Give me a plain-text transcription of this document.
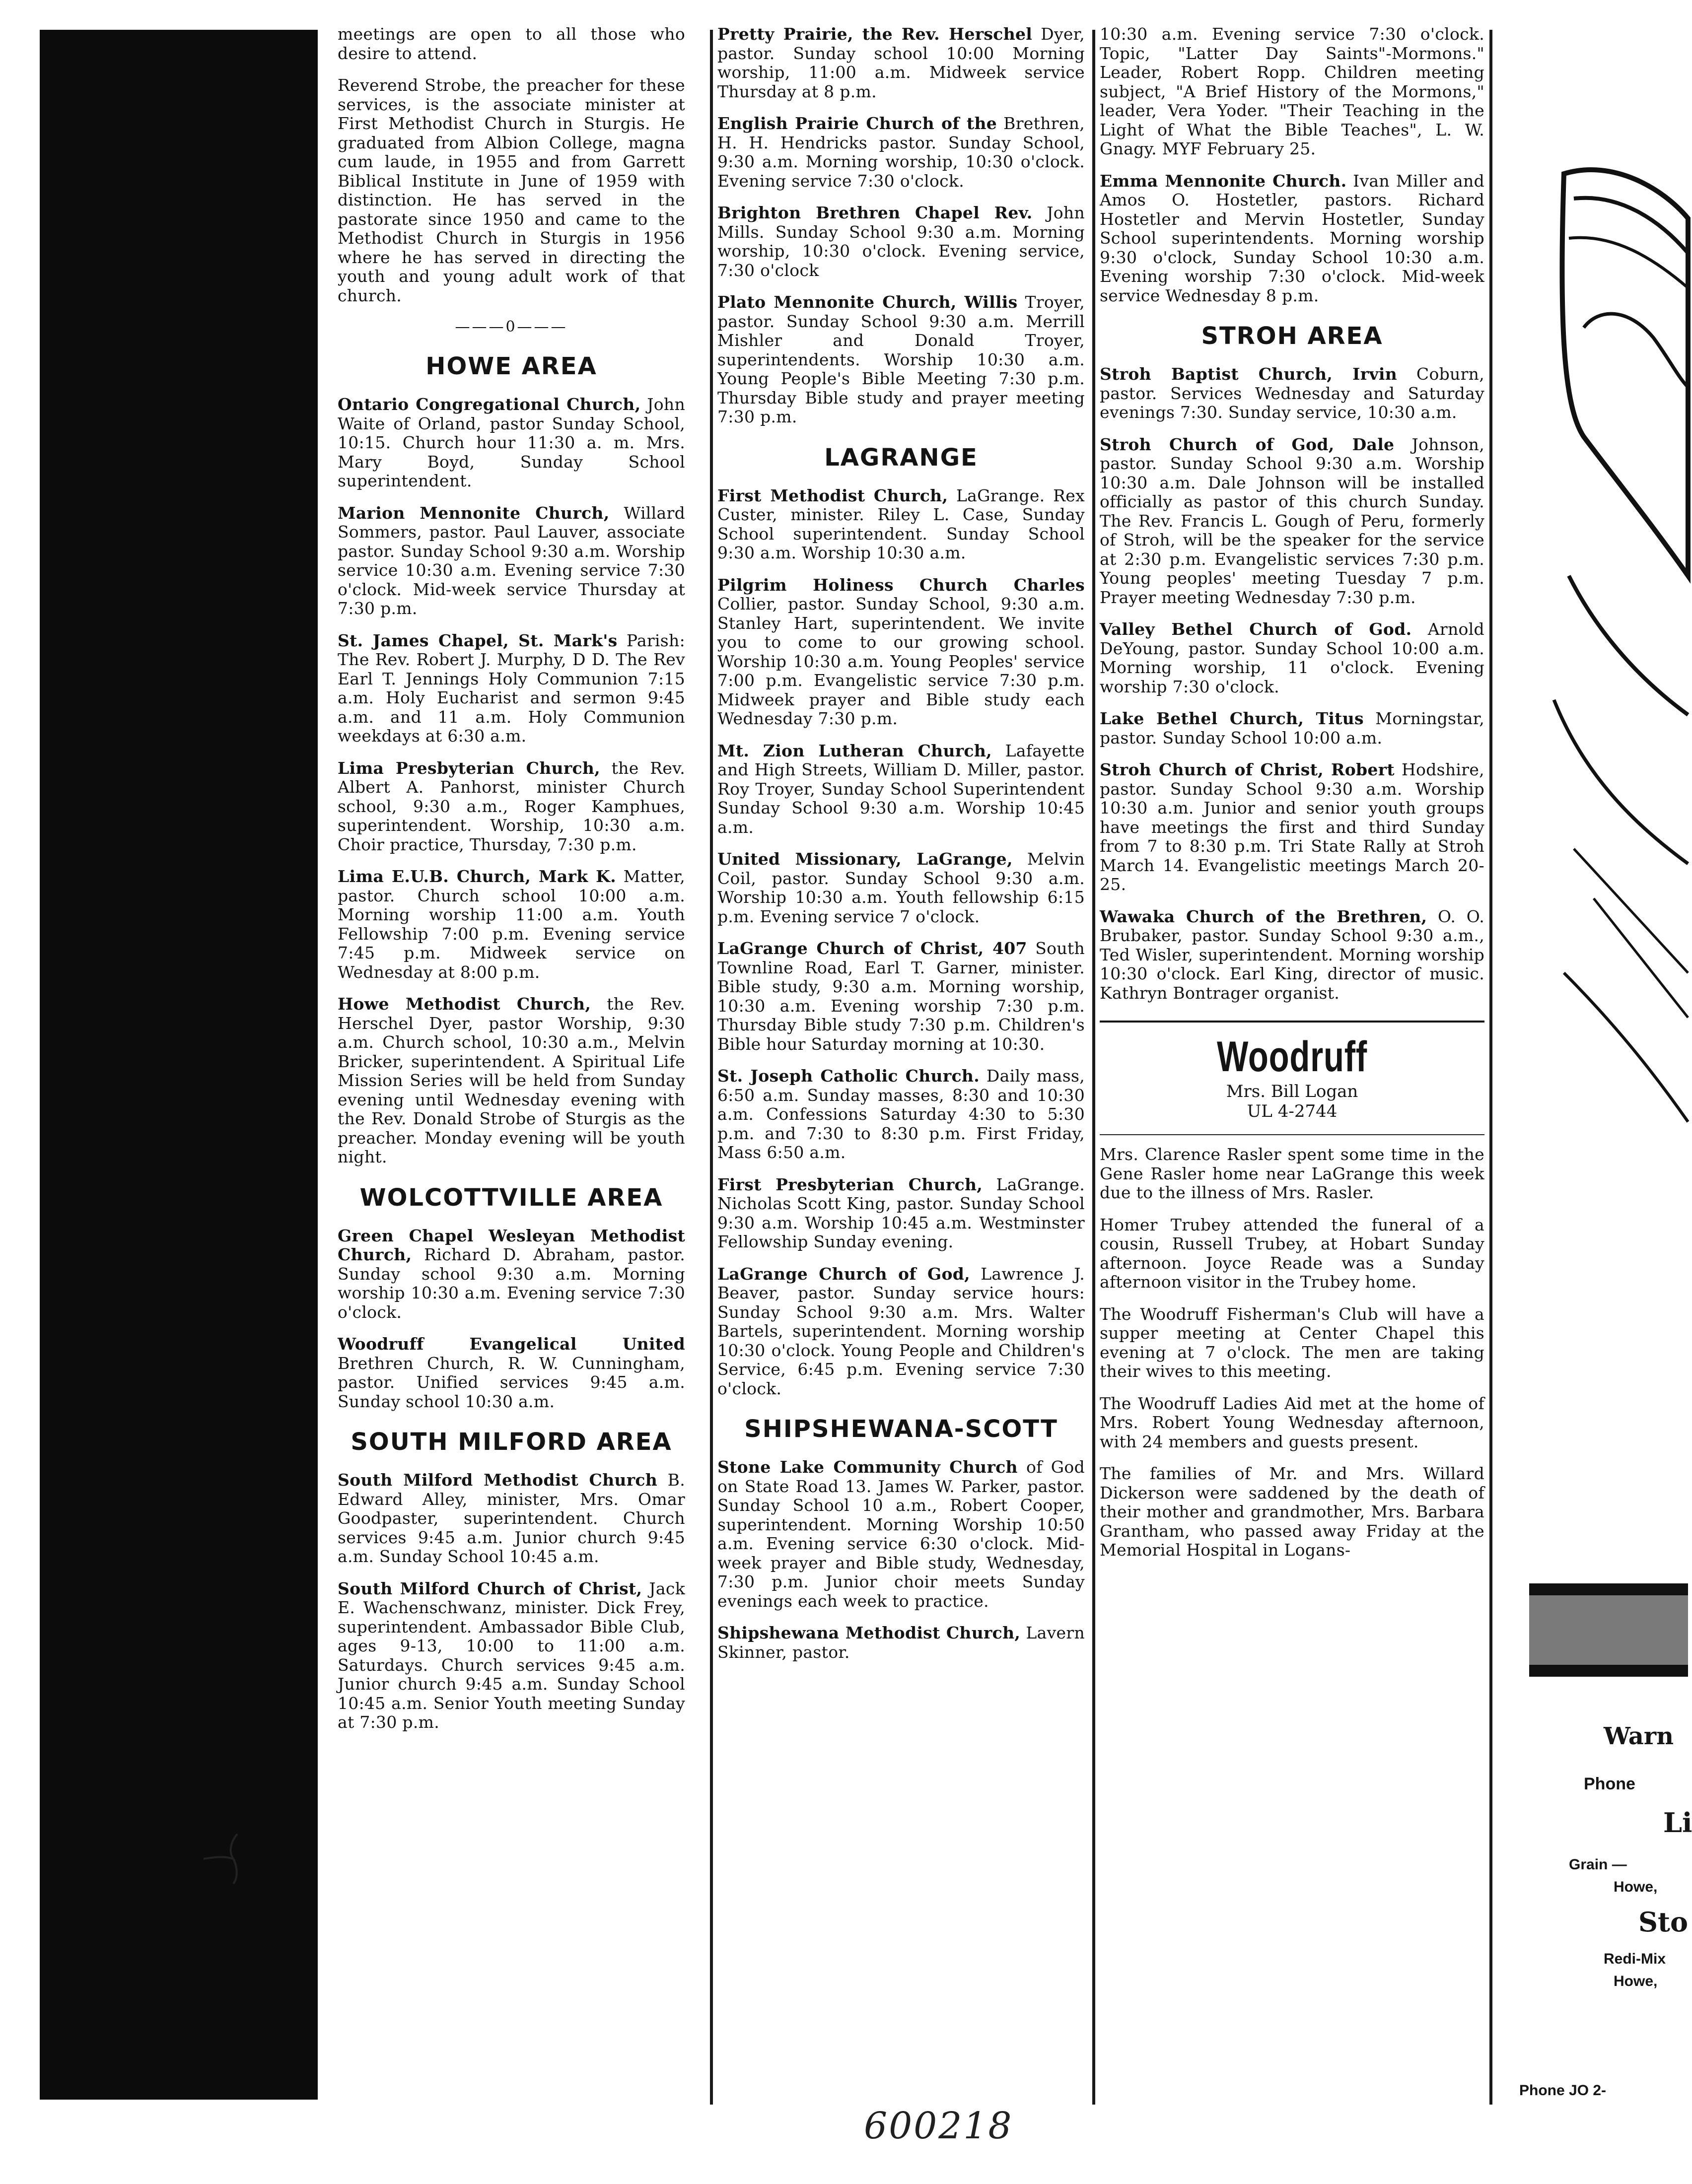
meetings are open to all those who desire to attend.

Reverend Strobe, the preacher for these services, is the associate minister at First Methodist Church in Sturgis. He graduated from Albion College, magna cum laude, in 1955 and from Garrett Biblical Institute in June of 1959 with distinction. He has served in the pastorate since 1950 and came to the Methodist Church in Sturgis in 1956 where he has served in directing the youth and young adult work of that church.

———0———
HOWE AREA

Ontario Congregational Church, John Waite of Orland, pastor Sunday School, 10:15. Church hour 11:30 a. m. Mrs. Mary Boyd, Sunday School superintendent.

Marion Mennonite Church, Willard Sommers, pastor. Paul Lauver, associate pastor. Sunday School 9:30 a.m. Worship service 10:30 a.m. Evening service 7:30 o'clock. Mid-week service Thursday at 7:30 p.m.

St. James Chapel, St. Mark's Parish: The Rev. Robert J. Murphy, D D. The Rev Earl T. Jennings Holy Communion 7:15 a.m. Holy Eucharist and sermon 9:45 a.m. and 11 a.m. Holy Communion weekdays at 6:30 a.m.

Lima Presbyterian Church, the Rev. Albert A. Panhorst, minister Church school, 9:30 a.m., Roger Kamphues, superintendent. Worship, 10:30 a.m. Choir practice, Thursday, 7:30 p.m.

Lima E.U.B. Church, Mark K. Matter, pastor. Church school 10:00 a.m. Morning worship 11:00 a.m. Youth Fellowship 7:00 p.m. Evening service 7:45 p.m. Midweek service on Wednesday at 8:00 p.m.

Howe Methodist Church, the Rev. Herschel Dyer, pastor Worship, 9:30 a.m. Church school, 10:30 a.m., Melvin Bricker, superintendent. A Spiritual Life Mission Series will be held from Sunday evening until Wednesday evening with the Rev. Donald Strobe of Sturgis as the preacher. Monday evening will be youth night.

WOLCOTTVILLE AREA

Green Chapel Wesleyan Methodist Church, Richard D. Abraham, pastor. Sunday school 9:30 a.m. Morning worship 10:30 a.m. Evening service 7:30 o'clock.

Woodruff Evangelical United Brethren Church, R. W. Cunningham, pastor. Unified services 9:45 a.m. Sunday school 10:30 a.m.

SOUTH MILFORD AREA

South Milford Methodist Church B. Edward Alley, minister, Mrs. Omar Goodpaster, superintendent. Church services 9:45 a.m. Junior church 9:45 a.m. Sunday School 10:45 a.m.

South Milford Church of Christ, Jack E. Wachenschwanz, minister. Dick Frey, superintendent. Ambassador Bible Club, ages 9-13, 10:00 to 11:00 a.m. Saturdays. Church services 9:45 a.m. Junior church 9:45 a.m. Sunday School 10:45 a.m. Senior Youth meeting Sunday at 7:30 p.m.

Pretty Prairie, the Rev. Herschel Dyer, pastor. Sunday school 10:00 Morning worship, 11:00 a.m. Midweek service Thursday at 8 p.m.

English Prairie Church of the Brethren, H. H. Hendricks pastor. Sunday School, 9:30 a.m. Morning worship, 10:30 o'clock. Evening service 7:30 o'clock.

Brighton Brethren Chapel Rev. John Mills. Sunday School 9:30 a.m. Morning worship, 10:30 o'clock. Evening service, 7:30 o'clock

Plato Mennonite Church, Willis Troyer, pastor. Sunday School 9:30 a.m. Merrill Mishler and Donald Troyer, superintendents. Worship 10:30 a.m. Young People's Bible Meeting 7:30 p.m. Thursday Bible study and prayer meeting 7:30 p.m.

LAGRANGE

First Methodist Church, LaGrange. Rex Custer, minister. Riley L. Case, Sunday School superintendent. Sunday School 9:30 a.m. Worship 10:30 a.m.

Pilgrim Holiness Church Charles Collier, pastor. Sunday School, 9:30 a.m. Stanley Hart, superintendent. We invite you to come to our growing school. Worship 10:30 a.m. Young Peoples' service 7:00 p.m. Evangelistic service 7:30 p.m. Midweek prayer and Bible study each Wednesday 7:30 p.m.

Mt. Zion Lutheran Church, Lafayette and High Streets, William D. Miller, pastor. Roy Troyer, Sunday School Superintendent Sunday School 9:30 a.m. Worship 10:45 a.m.

United Missionary, LaGrange, Melvin Coil, pastor. Sunday School 9:30 a.m. Worship 10:30 a.m. Youth fellowship 6:15 p.m. Evening service 7 o'clock.

LaGrange Church of Christ, 407 South Townline Road, Earl T. Garner, minister. Bible study, 9:30 a.m. Morning worship, 10:30 a.m. Evening worship 7:30 p.m. Thursday Bible study 7:30 p.m. Children's Bible hour Saturday morning at 10:30.

St. Joseph Catholic Church. Daily mass, 6:50 a.m. Sunday masses, 8:30 and 10:30 a.m. Confessions Saturday 4:30 to 5:30 p.m. and 7:30 to 8:30 p.m. First Friday, Mass 6:50 a.m.

First Presbyterian Church, LaGrange. Nicholas Scott King, pastor. Sunday School 9:30 a.m. Worship 10:45 a.m. Westminster Fellowship Sunday evening.

LaGrange Church of God, Lawrence J. Beaver, pastor. Sunday service hours: Sunday School 9:30 a.m. Mrs. Walter Bartels, superintendent. Morning worship 10:30 o'clock. Young People and Children's Service, 6:45 p.m. Evening service 7:30 o'clock.

SHIPSHEWANA-SCOTT

Stone Lake Community Church of God on State Road 13. James W. Parker, pastor. Sunday School 10 a.m., Robert Cooper, superintendent. Morning Worship 10:50 a.m. Evening service 6:30 o'clock. Mid-week prayer and Bible study, Wednesday, 7:30 p.m. Junior choir meets Sunday evenings each week to practice.

Shipshewana Methodist Church, Lavern Skinner, pastor.

10:30 a.m. Evening service 7:30 o'clock. Topic, "Latter Day Saints"-Mormons." Leader, Robert Ropp. Children meeting subject, "A Brief History of the Mormons," leader, Vera Yoder. "Their Teaching in the Light of What the Bible Teaches", L. W. Gnagy. MYF February 25.

Emma Mennonite Church. Ivan Miller and Amos O. Hostetler, pastors. Richard Hostetler and Mervin Hostetler, Sunday School superintendents. Morning worship 9:30 o'clock, Sunday School 10:30 a.m. Evening worship 7:30 o'clock. Mid-week service Wednesday 8 p.m.

STROH AREA

Stroh Baptist Church, Irvin Coburn, pastor. Services Wednesday and Saturday evenings 7:30. Sunday service, 10:30 a.m.

Stroh Church of God, Dale Johnson, pastor. Sunday School 9:30 a.m. Worship 10:30 a.m. Dale Johnson will be installed officially as pastor of this church Sunday. The Rev. Francis L. Gough of Peru, formerly of Stroh, will be the speaker for the service at 2:30 p.m. Evangelistic services 7:30 p.m. Young peoples' meeting Tuesday 7 p.m. Prayer meeting Wednesday 7:30 p.m.

Valley Bethel Church of God. Arnold DeYoung, pastor. Sunday School 10:00 a.m. Morning worship, 11 o'clock. Evening worship 7:30 o'clock.

Lake Bethel Church, Titus Morningstar, pastor. Sunday School 10:00 a.m.

Stroh Church of Christ, Robert Hodshire, pastor. Sunday School 9:30 a.m. Worship 10:30 a.m. Junior and senior youth groups have meetings the first and third Sunday from 7 to 8:30 p.m. Tri State Rally at Stroh March 14. Evangelistic meetings March 20-25.

Wawaka Church of the Brethren, O. O. Brubaker, pastor. Sunday School 9:30 a.m., Ted Wisler, superintendent. Morning worship 10:30 o'clock. Earl King, director of music. Kathryn Bontrager organist.

Woodruff
Mrs. Bill Logan
UL 4-2744

Mrs. Clarence Rasler spent some time in the Gene Rasler home near LaGrange this week due to the illness of Mrs. Rasler.

Homer Trubey attended the funeral of a cousin, Russell Trubey, at Hobart Sunday afternoon. Joyce Reade was a Sunday afternoon visitor in the Trubey home.

The Woodruff Fisherman's Club will have a supper meeting at Center Chapel this evening at 7 o'clock. The men are taking their wives to this meeting.

The Woodruff Ladies Aid met at the home of Mrs. Robert Young Wednesday afternoon, with 24 members and guests present.

The families of Mr. and Mrs. Willard Dickerson were saddened by the death of their mother and grandmother, Mrs. Barbara Grantham, who passed away Friday at the Memorial Hospital in Logans-

Warn
Phone
Li
Grain —
Howe,
Sto
Redi-Mix
Howe,
Phone JO 2-
600218
